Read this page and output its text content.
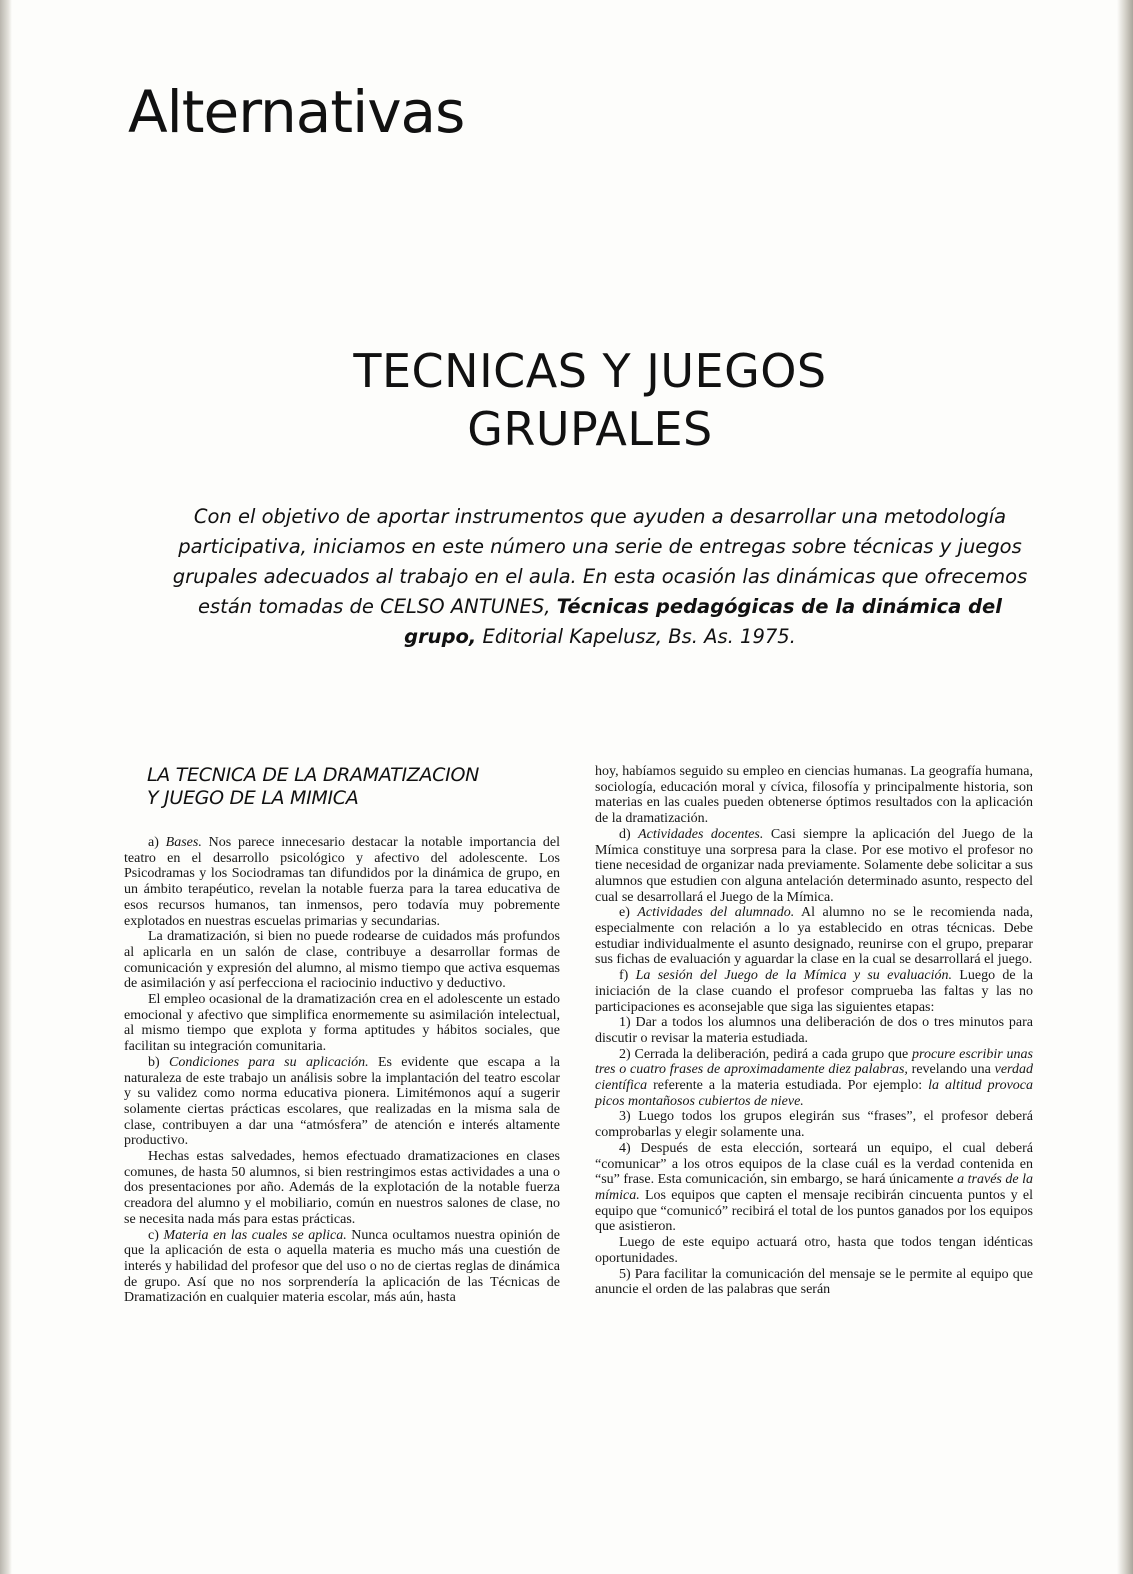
Alternativas
TECNICAS Y JUEGOS
GRUPALES

Con el objetivo de aportar instrumentos que ayuden a desarrollar una metodología participativa, iniciamos en este número una serie de entregas sobre técnicas y juegos grupales adecuados al trabajo en el aula. En esta ocasión las dinámicas que ofrecemos están tomadas de CELSO ANTUNES, Técnicas pedagógicas de la dinámica del grupo, Editorial Kapelusz, Bs. As. 1975.

LA TECNICA DE LA DRAMATIZACION
Y JUEGO DE LA MIMICA

a) Bases. Nos parece innecesario destacar la notable importancia del teatro en el desarrollo psicológico y afectivo del adolescente. Los Psicodramas y los Sociodramas tan difundidos por la dinámica de grupo, en un ámbito terapéutico, revelan la notable fuerza para la tarea educativa de esos recursos humanos, tan inmensos, pero todavía muy pobremente explotados en nuestras escuelas primarias y secundarias.

La dramatización, si bien no puede rodearse de cuidados más profundos al aplicarla en un salón de clase, contribuye a desarrollar formas de comunicación y expresión del alumno, al mismo tiempo que activa esquemas de asimilación y así perfecciona el raciocinio inductivo y deductivo.

El empleo ocasional de la dramatización crea en el adolescente un estado emocional y afectivo que simplifica enormemente su asimilación intelectual, al mismo tiempo que explota y forma aptitudes y hábitos sociales, que facilitan su integración comunitaria.

b) Condiciones para su aplicación. Es evidente que escapa a la naturaleza de este trabajo un análisis sobre la implantación del teatro escolar y su validez como norma educativa pionera. Limitémonos aquí a sugerir solamente ciertas prácticas escolares, que realizadas en la misma sala de clase, contribuyen a dar una “atmósfera” de atención e interés altamente productivo.

Hechas estas salvedades, hemos efectuado dramatizaciones en clases comunes, de hasta 50 alumnos, si bien restringimos estas actividades a una o dos presentaciones por año. Además de la explotación de la notable fuerza creadora del alumno y el mobiliario, común en nuestros salones de clase, no se necesita nada más para estas prácticas.

c) Materia en las cuales se aplica. Nunca ocultamos nuestra opinión de que la aplicación de esta o aquella materia es mucho más una cuestión de interés y habilidad del profesor que del uso o no de ciertas reglas de dinámica de grupo. Así que no nos sorprendería la aplicación de las Técnicas de Dramatización en cualquier materia escolar, más aún, hasta

hoy, habíamos seguido su empleo en ciencias humanas. La geografía humana, sociología, educación moral y cívica, filosofía y principalmente historia, son materias en las cuales pueden obtenerse óptimos resultados con la aplicación de la dramatización.

d) Actividades docentes. Casi siempre la aplicación del Juego de la Mímica constituye una sorpresa para la clase. Por ese motivo el profesor no tiene necesidad de organizar nada previamente. Solamente debe solicitar a sus alumnos que estudien con alguna antelación determinado asunto, respecto del cual se desarrollará el Juego de la Mímica.

e) Actividades del alumnado. Al alumno no se le recomienda nada, especialmente con relación a lo ya establecido en otras técnicas. Debe estudiar individualmente el asunto designado, reunirse con el grupo, preparar sus fichas de evaluación y aguardar la clase en la cual se desarrollará el juego.

f) La sesión del Juego de la Mímica y su evaluación. Luego de la iniciación de la clase cuando el profesor comprueba las faltas y las no participaciones es aconsejable que siga las siguientes etapas:

1) Dar a todos los alumnos una deliberación de dos o tres minutos para discutir o revisar la materia estudiada.

2) Cerrada la deliberación, pedirá a cada grupo que procure escribir unas tres o cuatro frases de aproximadamente diez palabras, revelando una verdad científica referente a la materia estudiada. Por ejemplo: la altitud provoca picos montañosos cubiertos de nieve.

3) Luego todos los grupos elegirán sus “frases”, el profesor deberá comprobarlas y elegir solamente una.

4) Después de esta elección, sorteará un equipo, el cual deberá “comunicar” a los otros equipos de la clase cuál es la verdad contenida en “su” frase. Esta comunicación, sin embargo, se hará únicamente a través de la mímica. Los equipos que capten el mensaje recibirán cincuenta puntos y el equipo que “comunicó” recibirá el total de los puntos ganados por los equipos que asistieron.

Luego de este equipo actuará otro, hasta que todos tengan idénticas oportunidades.

5) Para facilitar la comunicación del mensaje se le permite al equipo que anuncie el orden de las palabras que serán
